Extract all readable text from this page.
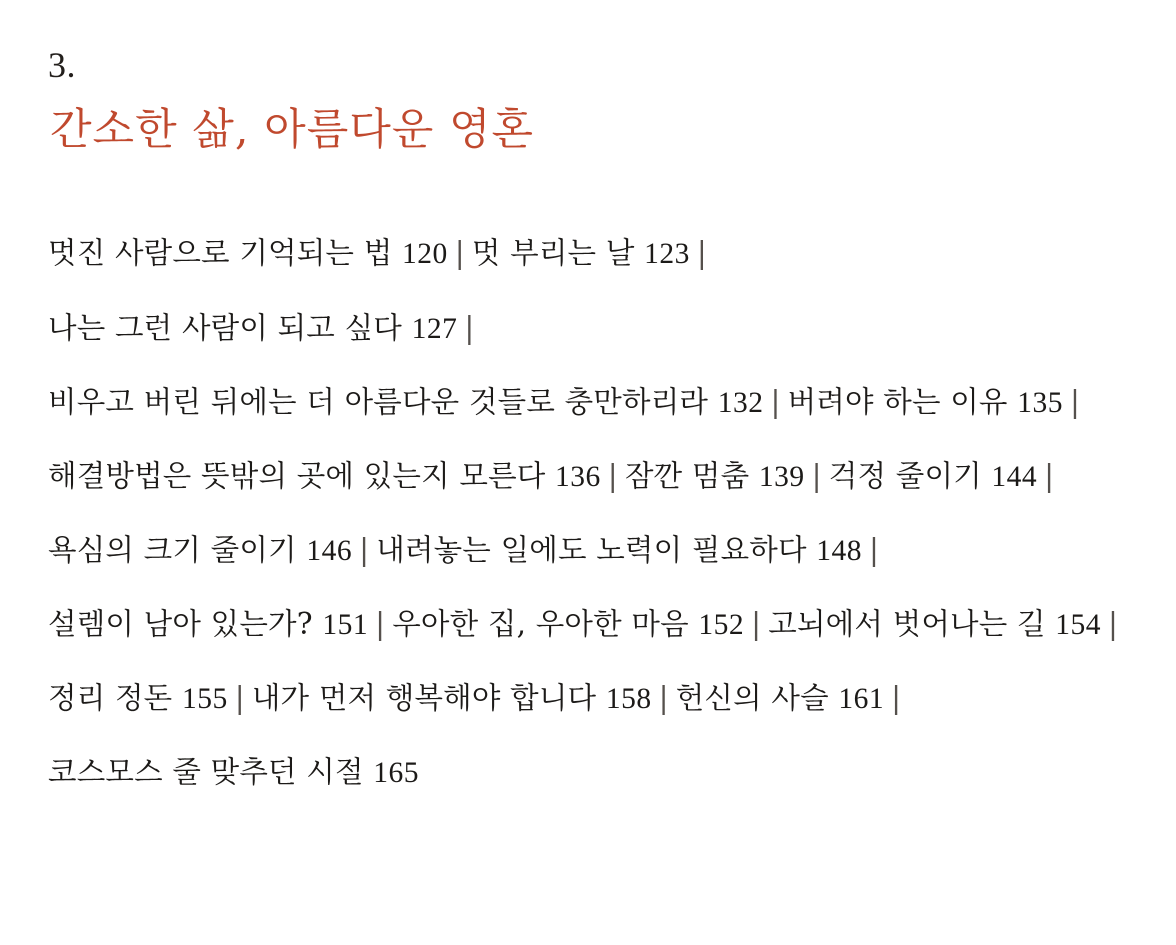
3.
간소한 삶, 아름다운 영혼
멋진 사람으로 기억되는 법 120 | 멋 부리는 날 123 |나는 그런 사람이 되고 싶다 127 |비우고 버린 뒤에는 더 아름다운 것들로 충만하리라 132 | 버려야 하는 이유 135 |해결방법은 뜻밖의 곳에 있는지 모른다 136 | 잠깐 멈춤 139 | 걱정 줄이기 144 |욕심의 크기 줄이기 146 | 내려놓는 일에도 노력이 필요하다 148 |설렘이 남아 있는가? 151 | 우아한 집, 우아한 마음 152 | 고뇌에서 벗어나는 길 154 |정리 정돈 155 | 내가 먼저 행복해야 합니다 158 | 헌신의 사슬 161 |코스모스 줄 맞추던 시절 165
